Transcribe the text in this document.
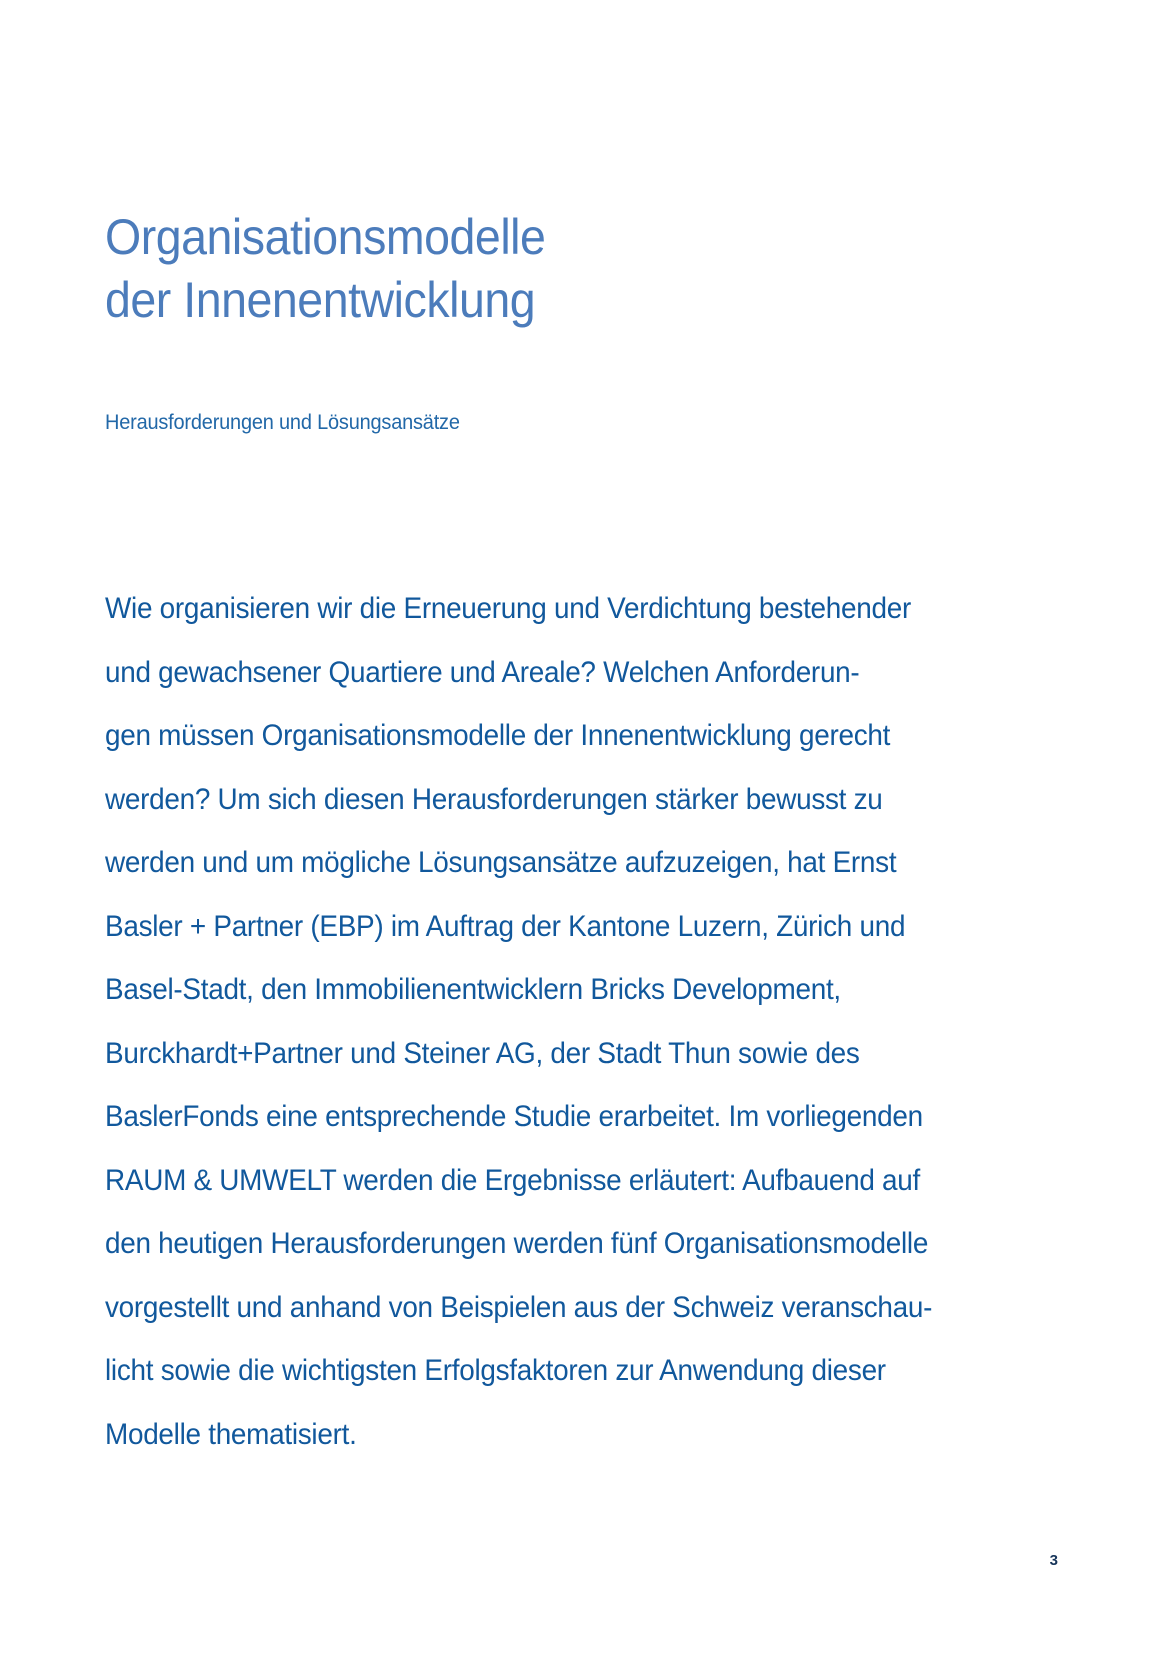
Organisationsmodelle
der Innenentwicklung
Herausforderungen und Lösungsansätze
Wie organisieren wir die Erneuerung und Verdichtung bestehender
und gewachsener Quartiere und Areale? Welchen Anforderun-
gen müssen Organisationsmodelle der Innenentwicklung gerecht
werden? Um sich diesen Herausforderungen stärker bewusst zu
werden und um mögliche Lösungsansätze aufzuzeigen, hat Ernst
Basler + Partner (EBP) im Auftrag der Kantone Luzern, Zürich und
Basel-Stadt, den Immobilienentwicklern Bricks Development,
Burckhardt+Partner und Steiner AG, der Stadt Thun sowie des
BaslerFonds eine entsprechende Studie erarbeitet. Im vorliegenden
RAUM & UMWELT werden die Ergebnisse erläutert: Aufbauend auf
den heutigen Herausforderungen werden fünf Organisationsmodelle
vorgestellt und anhand von Beispielen aus der Schweiz veranschau-
licht sowie die wichtigsten Erfolgsfaktoren zur Anwendung dieser
Modelle thematisiert.
3
